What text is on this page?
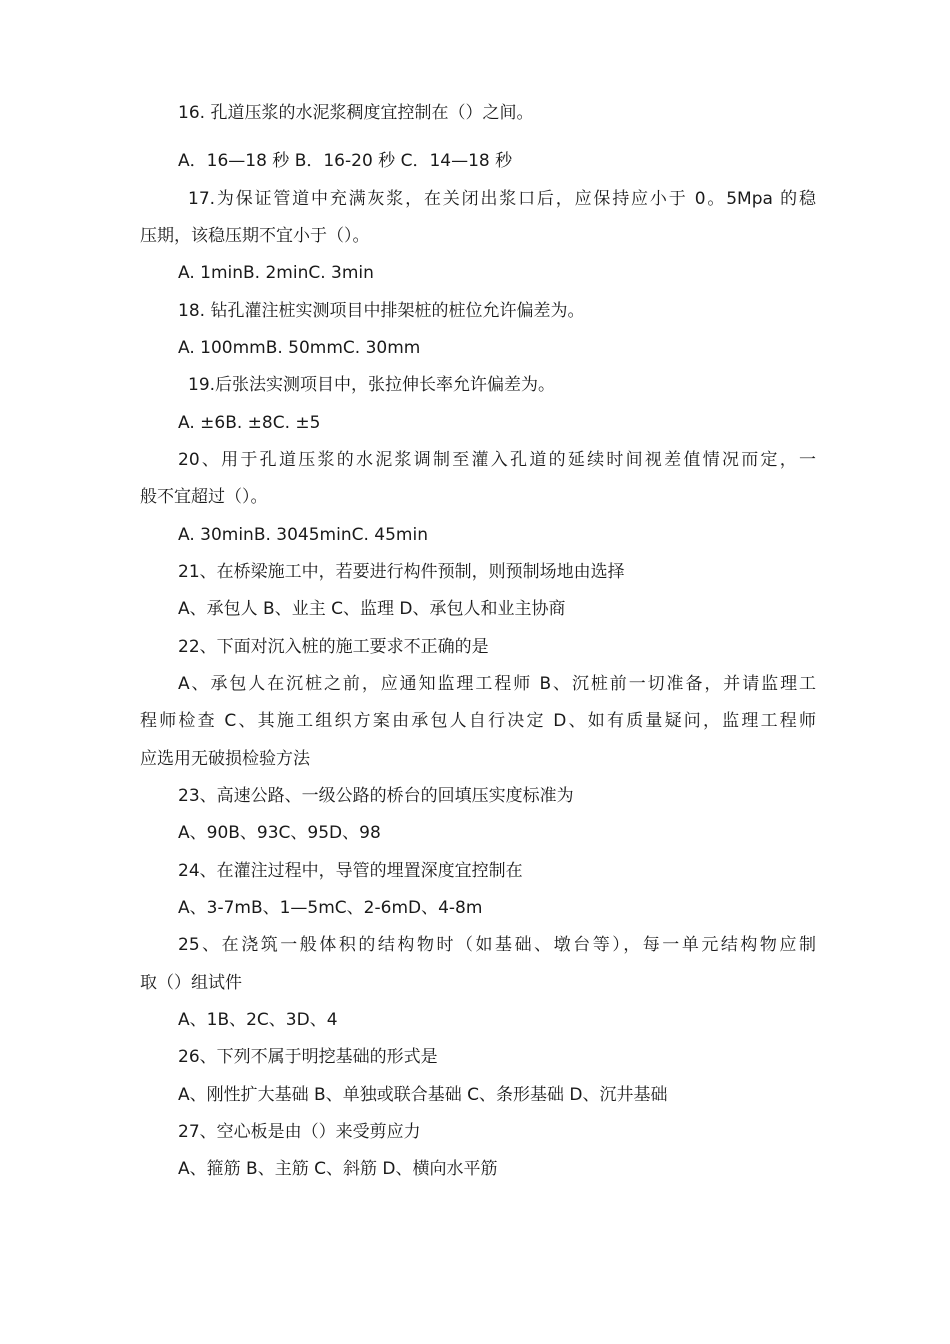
16. 孔道压浆的水泥浆稠度宜控制在（）之间。
A．16—18 秒 B．16-20 秒 C．14—18 秒
17.为保证管道中充满灰浆，在关闭出浆口后，应保持应小于 0。5Mpa 的稳
压期，该稳压期不宜小于（）。
A. 1minB. 2minC. 3min
18. 钻孔灌注桩实测项目中排架桩的桩位允许偏差为。
A. 100mmB. 50mmC. 30mm
19.后张法实测项目中，张拉伸长率允许偏差为。
A. ±6B. ±8C. ±5
20、用于孔道压浆的水泥浆调制至灌入孔道的延续时间视差值情况而定，一
般不宜超过（）。
A. 30minB. 3045minC. 45min
21、在桥梁施工中，若要进行构件预制，则预制场地由选择
A、承包人 B、业主 C、监理 D、承包人和业主协商
22、下面对沉入桩的施工要求不正确的是
A、承包人在沉桩之前，应通知监理工程师 B、沉桩前一切准备，并请监理工
程师检查 C、其施工组织方案由承包人自行决定 D、如有质量疑问，监理工程师
应选用无破损检验方法
23、高速公路、一级公路的桥台的回填压实度标准为
A、90B、93C、95D、98
24、在灌注过程中，导管的埋置深度宜控制在
A、3-7mB、1—5mC、2-6mD、4-8m
25、在浇筑一般体积的结构物时（如基础、墩台等），每一单元结构物应制
取（）组试件
A、1B、2C、3D、4
26、下列不属于明挖基础的形式是
A、刚性扩大基础 B、单独或联合基础 C、条形基础 D、沉井基础
27、空心板是由（）来受剪应力
A、箍筋 B、主筋 C、斜筋 D、横向水平筋
